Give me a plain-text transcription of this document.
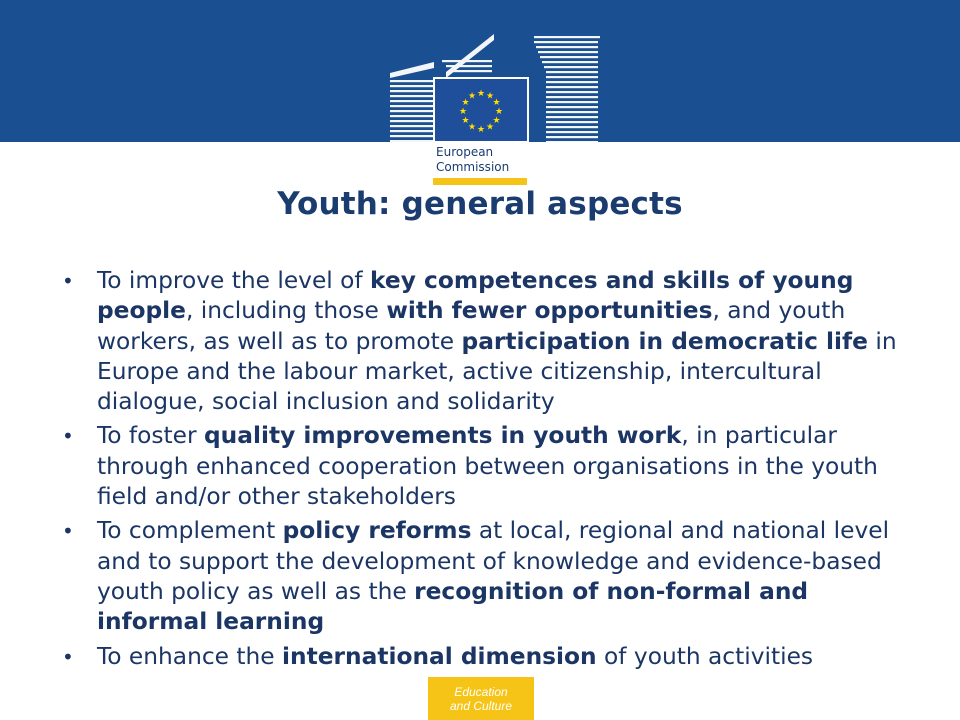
★ ★
★
★
★
★
★
★
★
★
★
★
European
Commission
Youth: general aspects
• To improve the level of key competences and skills of young people, including those with fewer opportunities, and youth workers, as well as to promote participation in democratic life in Europe and the labour market, active citizenship, intercultural dialogue, social inclusion and solidarity
• To foster quality improvements in youth work, in particular through enhanced cooperation between organisations in the youth field and/or other stakeholders
• To complement policy reforms at local, regional and national level and to support the development of knowledge and evidence-based youth policy as well as the recognition of non-formal and informal learning
• To enhance the international dimension of youth activities
Education
and Culture
